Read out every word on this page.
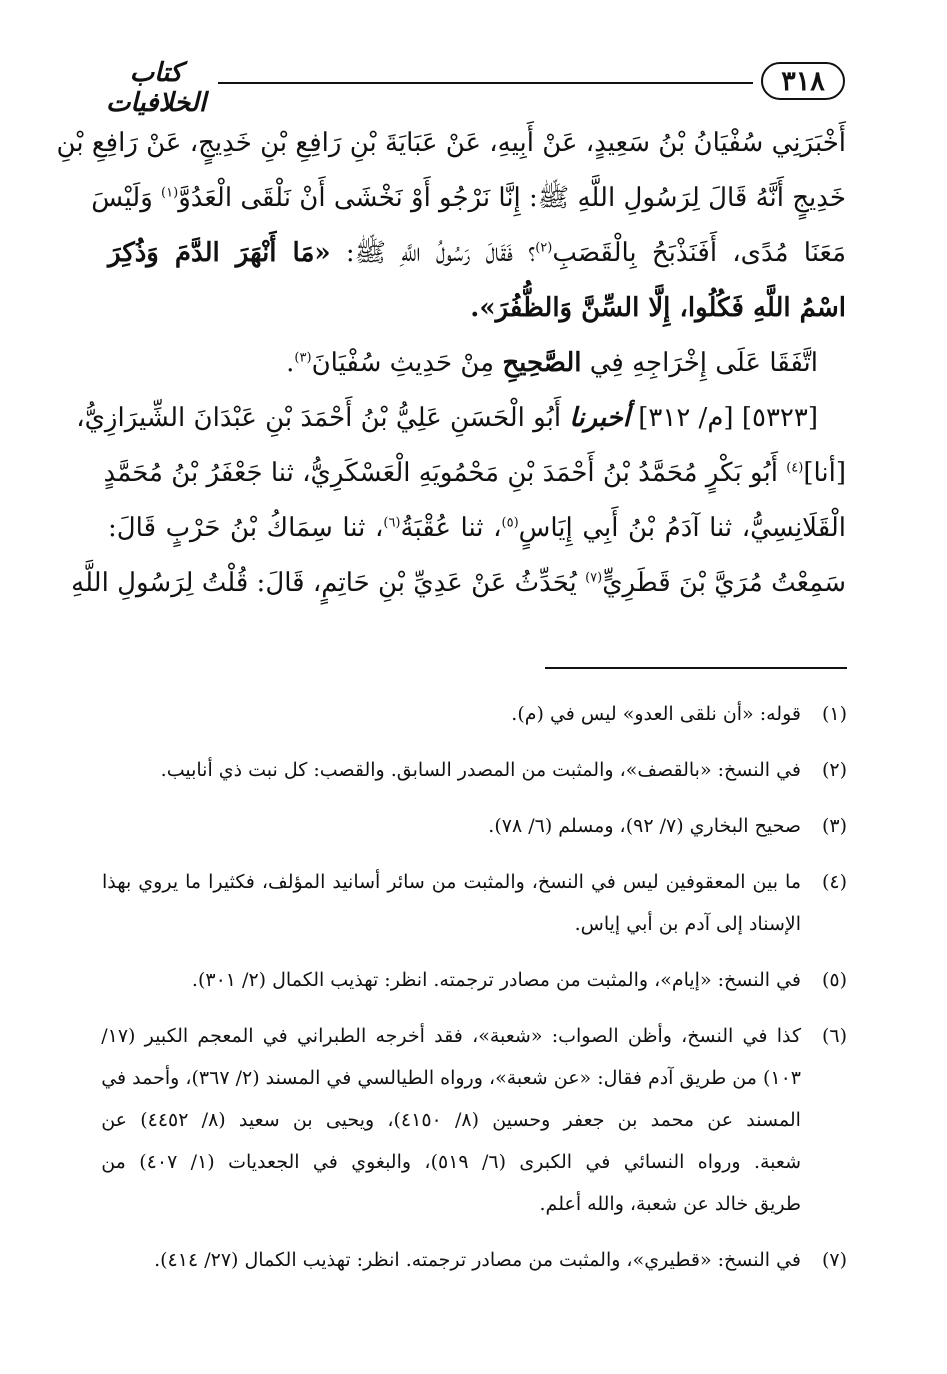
٣١٨
كتاب الخلافيات
أَخْبَرَنِي سُفْيَانُ بْنُ سَعِيدٍ، عَنْ أَبِيهِ، عَنْ عَبَايَةَ بْنِ رَافِعِ بْنِ خَدِيجٍ، عَنْ رَافِعِ بْنِ
خَدِيجٍ أَنَّهُ قَالَ لِرَسُولِ اللَّهِ ﷺ: إِنَّا نَرْجُو أَوْ نَخْشَى أَنْ نَلْقَى الْعَدُوَّ$^{(١)}$ وَلَيْسَ
مَعَنَا مُدًى، أَفَنَذْبَحُ بِالْقَصَبِ$^{(٢)}$؟ فَقَالَ رَسُولُ اللَّهِ ﷺ: «مَا أَنْهَرَ الدَّمَ وَذُكِرَ
اسْمُ اللَّهِ فَكُلُوا، إِلَّا السِّنَّ وَالظُّفُرَ».
اتَّفَقَا عَلَى إِخْرَاجِهِ فِي الصَّحِيحِ مِنْ حَدِيثِ سُفْيَانَ$^{(٣)}$.
[٥٣٢٣] [م/ ٣١٢] أخبرنا أَبُو الْحَسَنِ عَلِيُّ بْنُ أَحْمَدَ بْنِ عَبْدَانَ الشِّيرَازِيُّ،
[أنا]$^{(٤)}$ أَبُو بَكْرٍ مُحَمَّدُ بْنُ أَحْمَدَ بْنِ مَحْمُويَهِ الْعَسْكَرِيُّ، ثنا جَعْفَرُ بْنُ مُحَمَّدٍ
الْقَلَانِسِيُّ، ثنا آدَمُ بْنُ أَبِي إِيَاسٍ$^{(٥)}$، ثنا عُقْبَةُ$^{(٦)}$، ثنا سِمَاكُ بْنُ حَرْبٍ قَالَ:
سَمِعْتُ مُرَيَّ بْنَ قَطَرِيٍّ$^{(٧)}$ يُحَدِّثُ عَنْ عَدِيِّ بْنِ حَاتِمٍ، قَالَ: قُلْتُ لِرَسُولِ اللَّهِ
(١)
قوله: «أن نلقى العدو» ليس في (م).
(٢)
في النسخ: «بالقصف»، والمثبت من المصدر السابق. والقصب: كل نبت ذي أنابيب.
(٣)
صحيح البخاري (٧/ ٩٢)، ومسلم (٦/ ٧٨).
(٤)
ما بين المعقوفين ليس في النسخ، والمثبت من سائر أسانيد المؤلف، فكثيرا ما يروي بهذا
الإسناد إلى آدم بن أبي إياس.
(٥)
في النسخ: «إيام»، والمثبت من مصادر ترجمته. انظر: تهذيب الكمال (٢/ ٣٠١).
(٦)
كذا في النسخ، وأظن الصواب: «شعبة»، فقد أخرجه الطبراني في المعجم الكبير (١٧/
١٠٣) من طريق آدم فقال: «عن شعبة»، ورواه الطيالسي في المسند (٢/ ٣٦٧)، وأحمد في
المسند عن محمد بن جعفر وحسين (٨/ ٤١٥٠)، ويحيى بن سعيد (٨/ ٤٤٥٢) عن
شعبة. ورواه النسائي في الكبرى (٦/ ٥١٩)، والبغوي في الجعديات (١/ ٤٠٧) من
طريق خالد عن شعبة، والله أعلم.
(٧)
في النسخ: «قطيري»، والمثبت من مصادر ترجمته. انظر: تهذيب الكمال (٢٧/ ٤١٤).
